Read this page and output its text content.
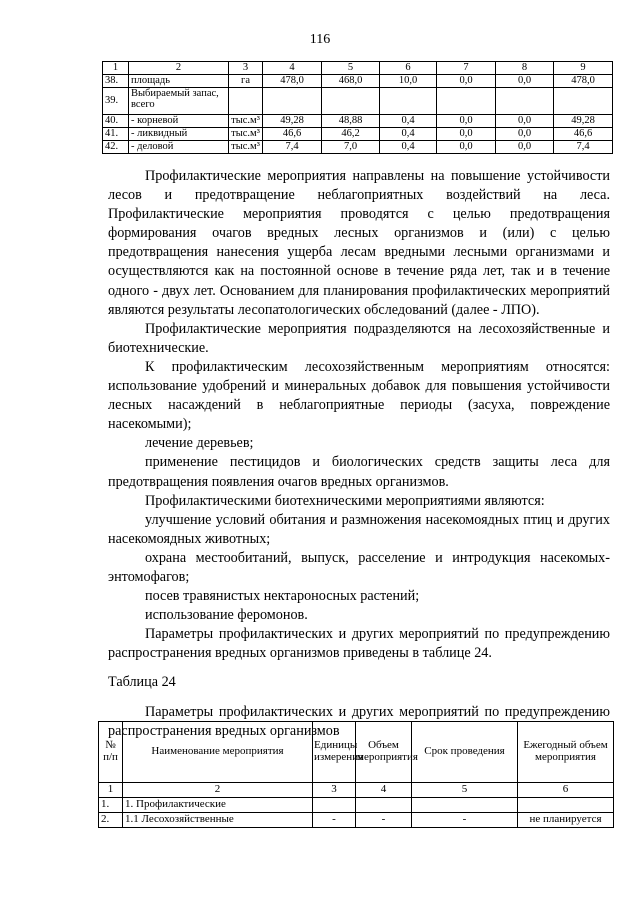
116
1	2	3	4	5	6	7	8	9
38.	площадь	га	478,0	468,0	10,0	0,0	0,0	478,0
39.	Выбираемый запас, всего							
40.	- корневой	тыс.м³	49,28	48,88	0,4	0,0	0,0	49,28
41.	- ликвидный	тыс.м³	46,6	46,2	0,4	0,0	0,0	46,6
42.	- деловой	тыс.м³	7,4	7,0	0,4	0,0	0,0	7,4

Профилактические мероприятия направлены на повышение устойчивости лесов и предотвращение неблагоприятных воздействий на леса. Профилактические мероприятия проводятся с целью предотвращения формирования очагов вредных лесных организмов и (или) с целью предотвращения нанесения ущерба лесам вредными лесными организмами и осуществляются как на постоянной основе в течение ряда лет, так и в течение одного - двух лет. Основанием для планирования профилактических мероприятий являются результаты лесопатологических обследований (далее - ЛПО).

Профилактические мероприятия подразделяются на лесохозяйственные и биотехнические.

К профилактическим лесохозяйственным мероприятиям относятся: использование удобрений и минеральных добавок для повышения устойчивости лесных насаждений в неблагоприятные периоды (засуха, повреждение насекомыми);

лечение деревьев;

применение пестицидов и биологических средств защиты леса для предотвращения появления очагов вредных организмов.

Профилактическими биотехническими мероприятиями являются:

улучшение условий обитания и размножения насекомоядных птиц и других насекомоядных животных;

охрана местообитаний, выпуск, расселение и интродукция насекомых-энтомофагов;

посев травянистых нектароносных растений;

использование феромонов.

Параметры профилактических и других мероприятий по предупреждению распространения вредных организмов приведены в таблице 24.

Таблица 24

Параметры профилактических и других мероприятий по предупреждению распространения вредных организмов

№ п/п	Наименование мероприятия	Единицы измерения	Объем мероприятия	Срок проведения	Ежегодный объем мероприятия
1	2	3	4	5	6
1.	1. Профилактические				
2.	1.1 Лесохозяйственные	-	-	-	не планируется
